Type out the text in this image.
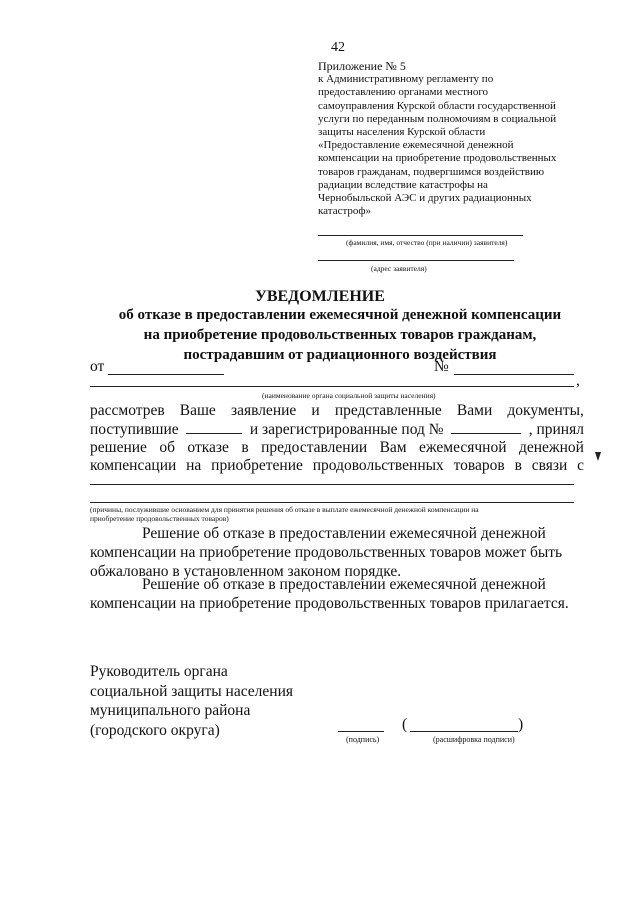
42
Приложение № 5
к Административному регламенту по
предоставлению органами местного
самоуправления Курской области государственной
услуги по переданным полномочиям в социальной
защиты населения Курской области
«Предоставление ежемесячной денежной
компенсации на приобретение продовольственных
товаров гражданам, подвергшимся воздействию
радиации вследствие катастрофы на
Чернобыльской АЭС и других радиационных
катастроф»
(фамилия, имя, отчество (при наличии) заявителя)
(адрес заявителя)
УВЕДОМЛЕНИЕ
об отказе в предоставлении ежемесячной денежной компенсации
на приобретение продовольственных товаров гражданам,
пострадавшим от радиационного воздействия
от	№
,
(наименование органа социальной защиты населения)
рассмотрев Ваше заявление и представленные Вами документы,
поступившие	и зарегистрированные под №	, принял
решение об отказе в предоставлении Вам ежемесячной денежной
компенсации на приобретение продовольственных товаров в связи с
(причины, послужившие основанием для принятия решения об отказе в выплате ежемесячной денежной компенсации на
приобретение продовольственных товаров)
Решение об отказе в предоставлении ежемесячной денежной
компенсации на приобретение продовольственных товаров может быть
обжаловано в установленном законом порядке.
Решение об отказе в предоставлении ежемесячной денежной
компенсации на приобретение продовольственных товаров прилагается.
Руководитель органа
социальной защиты населения
муниципального района
(городского округа)
(подпись)
(	)
(расшифровка подписи)
